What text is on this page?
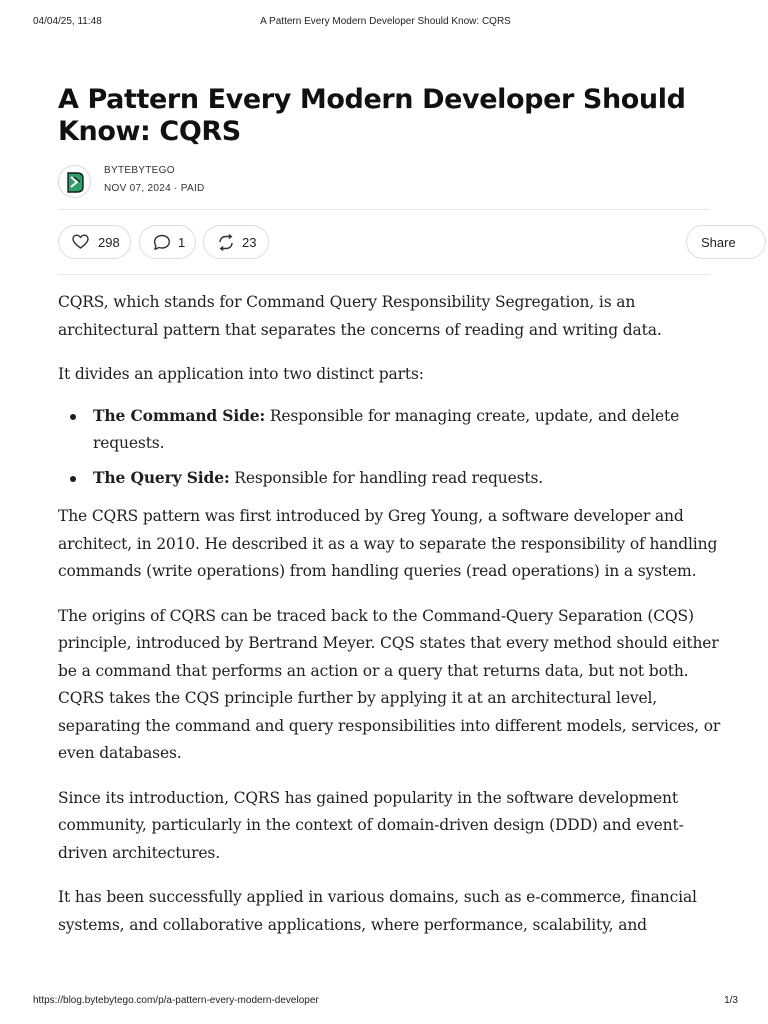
04/04/25, 11:48	A Pattern Every Modern Developer Should Know: CQRS
A Pattern Every Modern Developer Should Know: CQRS
BYTEBYTEGO
NOV 07, 2024 · PAID
298	1	23	Share

CQRS, which stands for Command Query Responsibility Segregation, is an
architectural pattern that separates the concerns of reading and writing data.

It divides an application into two distinct parts:

The Command Side: Responsible for managing create, update, and delete
requests.
The Query Side: Responsible for handling read requests.

The CQRS pattern was first introduced by Greg Young, a software developer and
architect, in 2010. He described it as a way to separate the responsibility of handling
commands (write operations) from handling queries (read operations) in a system.

The origins of CQRS can be traced back to the Command-Query Separation (CQS)
principle, introduced by Bertrand Meyer. CQS states that every method should either
be a command that performs an action or a query that returns data, but not both.
CQRS takes the CQS principle further by applying it at an architectural level,
separating the command and query responsibilities into different models, services, or
even databases.

Since its introduction, CQRS has gained popularity in the software development
community, particularly in the context of domain-driven design (DDD) and event-
driven architectures.

It has been successfully applied in various domains, such as e-commerce, financial
systems, and collaborative applications, where performance, scalability, and

https://blog.bytebytego.com/p/a-pattern-every-modern-developer	1/3
